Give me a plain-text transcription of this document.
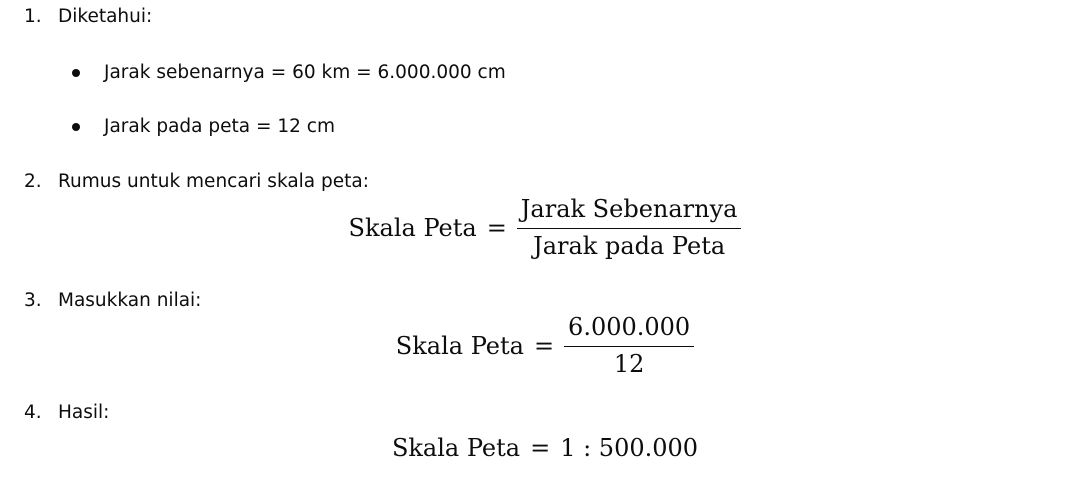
1. Diketahui:
Jarak sebenarnya = 60 km = 6.000.000 cm
Jarak pada peta = 12 cm
2. Rumus untuk mencari skala peta:
Skala Peta = $\frac{\text{Jarak Sebenarnya}}{\text{Jarak pada Peta}}$
3. Masukkan nilai:
Skala Peta = $\frac{6.000.000}{12}$
4. Hasil:
Skala Peta = 1 : 500.000
